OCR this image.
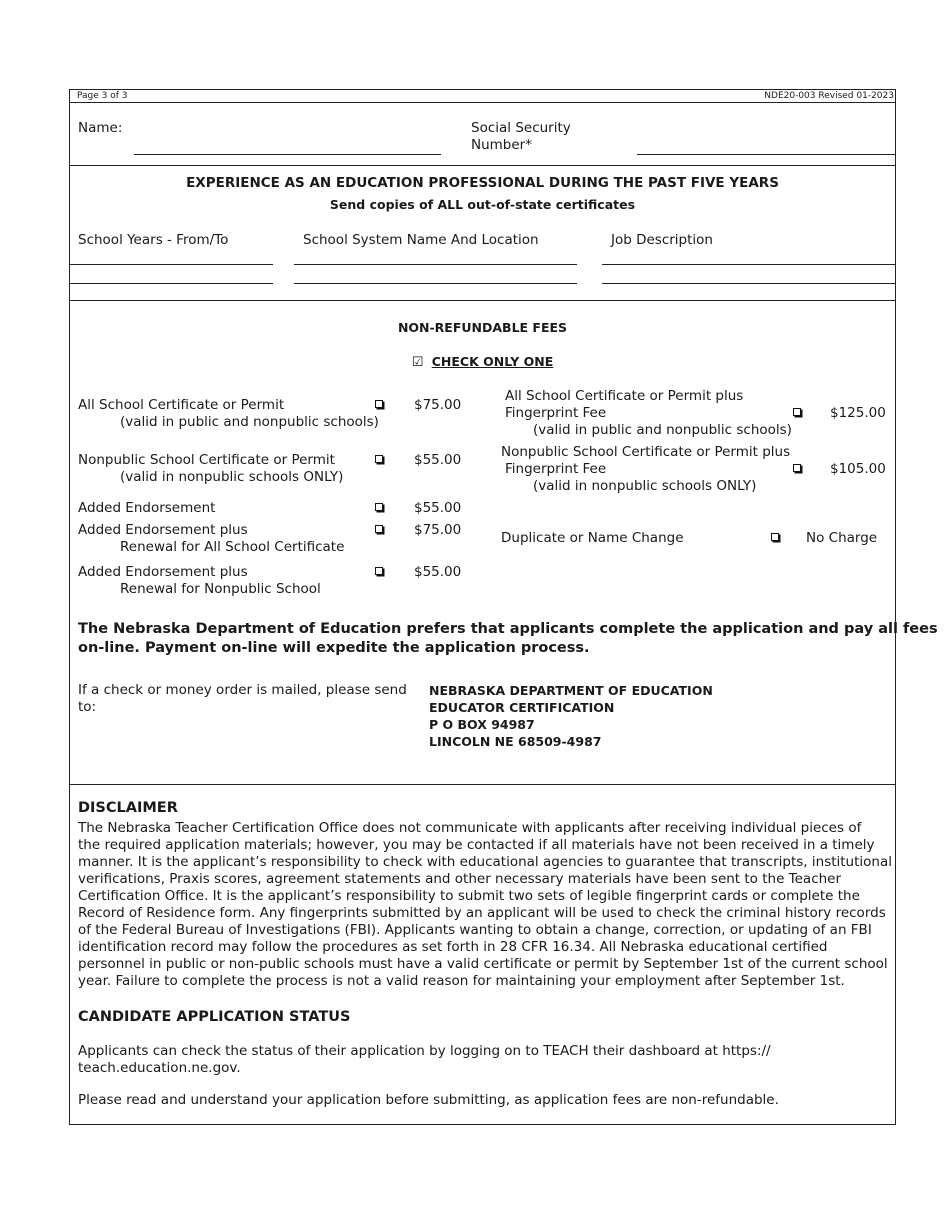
Page 3 of 3	NDE20-003 Revised 01-2023
Name:	Social Security
Number*
EXPERIENCE AS AN EDUCATION PROFESSIONAL DURING THE PAST FIVE YEARS
Send copies of ALL out-of-state certificates
School Years - From/To	School System Name And Location	Job Description
NON-REFUNDABLE FEES
☑ CHECK ONLY ONE
All School Certificate or Permit
(valid in public and nonpublic schools)
$75.00
Nonpublic School Certificate or Permit
(valid in nonpublic schools ONLY)
$55.00
Added Endorsement	$55.00
Added Endorsement plus
Renewal for All School Certificate
$75.00
Added Endorsement plus
Renewal for Nonpublic School
$55.00
All School Certificate or Permit plus
Fingerprint Fee
(valid in public and nonpublic schools)
$125.00
Nonpublic School Certificate or Permit plus
Fingerprint Fee
(valid in nonpublic schools ONLY)
$105.00
Duplicate or Name Change	No Charge
The Nebraska Department of Education prefers that applicants complete the application and pay all fees
on-line. Payment on-line will expedite the application process.
If a check or money order is mailed, please send
to:
NEBRASKA DEPARTMENT OF EDUCATION
EDUCATOR CERTIFICATION
P O BOX 94987
LINCOLN NE 68509-4987
DISCLAIMER
The Nebraska Teacher Certification Office does not communicate with applicants after receiving individual pieces of
the required application materials; however, you may be contacted if all materials have not been received in a timely
manner. It is the applicant’s responsibility to check with educational agencies to guarantee that transcripts, institutional
verifications, Praxis scores, agreement statements and other necessary materials have been sent to the Teacher
Certification Office. It is the applicant’s responsibility to submit two sets of legible fingerprint cards or complete the
Record of Residence form. Any fingerprints submitted by an applicant will be used to check the criminal history records
of the Federal Bureau of Investigations (FBI). Applicants wanting to obtain a change, correction, or updating of an FBI
identification record may follow the procedures as set forth in 28 CFR 16.34. All Nebraska educational certified
personnel in public or non-public schools must have a valid certificate or permit by September 1st of the current school
year. Failure to complete the process is not a valid reason for maintaining your employment after September 1st.
CANDIDATE APPLICATION STATUS
Applicants can check the status of their application by logging on to TEACH their dashboard at https://
teach.education.ne.gov.
Please read and understand your application before submitting, as application fees are non-refundable.
